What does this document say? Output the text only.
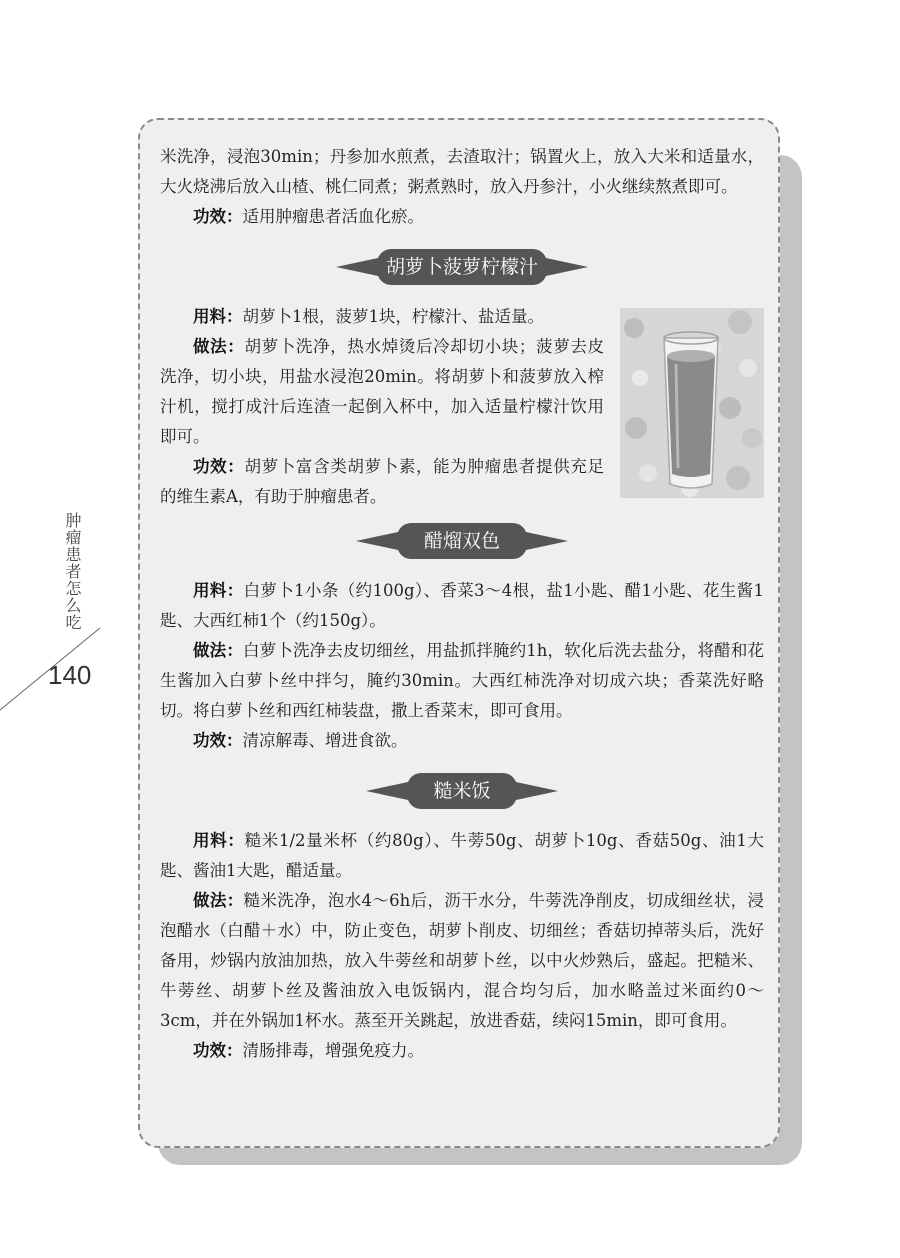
肿瘤患者怎么吃
140

米洗净，浸泡30min；丹参加水煎煮，去渣取汁；锅置火上，放入大米和适量水，大火烧沸后放入山楂、桃仁同煮；粥煮熟时，放入丹参汁，小火继续熬煮即可。

功效：适用肿瘤患者活血化瘀。

胡萝卜菠萝柠檬汁

用料：胡萝卜1根，菠萝1块，柠檬汁、盐适量。

做法：胡萝卜洗净，热水焯烫后冷却切小块；菠萝去皮洗净，切小块，用盐水浸泡20min。将胡萝卜和菠萝放入榨汁机，搅打成汁后连渣一起倒入杯中，加入适量柠檬汁饮用即可。

功效：胡萝卜富含类胡萝卜素，能为肿瘤患者提供充足的维生素A，有助于肿瘤患者。

醋熘双色

用料：白萝卜1小条（约100g）、香菜3～4根，盐1小匙、醋1小匙、花生酱1匙、大西红柿1个（约150g）。

做法：白萝卜洗净去皮切细丝，用盐抓拌腌约1h，软化后洗去盐分，将醋和花生酱加入白萝卜丝中拌匀，腌约30min。大西红柿洗净对切成六块；香菜洗好略切。将白萝卜丝和西红柿装盘，撒上香菜末，即可食用。

功效：清凉解毒、增进食欲。

糙米饭

用料：糙米1/2量米杯（约80g）、牛蒡50g、胡萝卜10g、香菇50g、油1大匙、酱油1大匙，醋适量。

做法：糙米洗净，泡水4～6h后，沥干水分，牛蒡洗净削皮，切成细丝状，浸泡醋水（白醋＋水）中，防止变色，胡萝卜削皮、切细丝；香菇切掉蒂头后，洗好备用，炒锅内放油加热，放入牛蒡丝和胡萝卜丝，以中火炒熟后，盛起。把糙米、牛蒡丝、胡萝卜丝及酱油放入电饭锅内，混合均匀后，加水略盖过米面约0～3cm，并在外锅加1杯水。蒸至开关跳起，放进香菇，续闷15min，即可食用。

功效：清肠排毒，增强免疫力。
